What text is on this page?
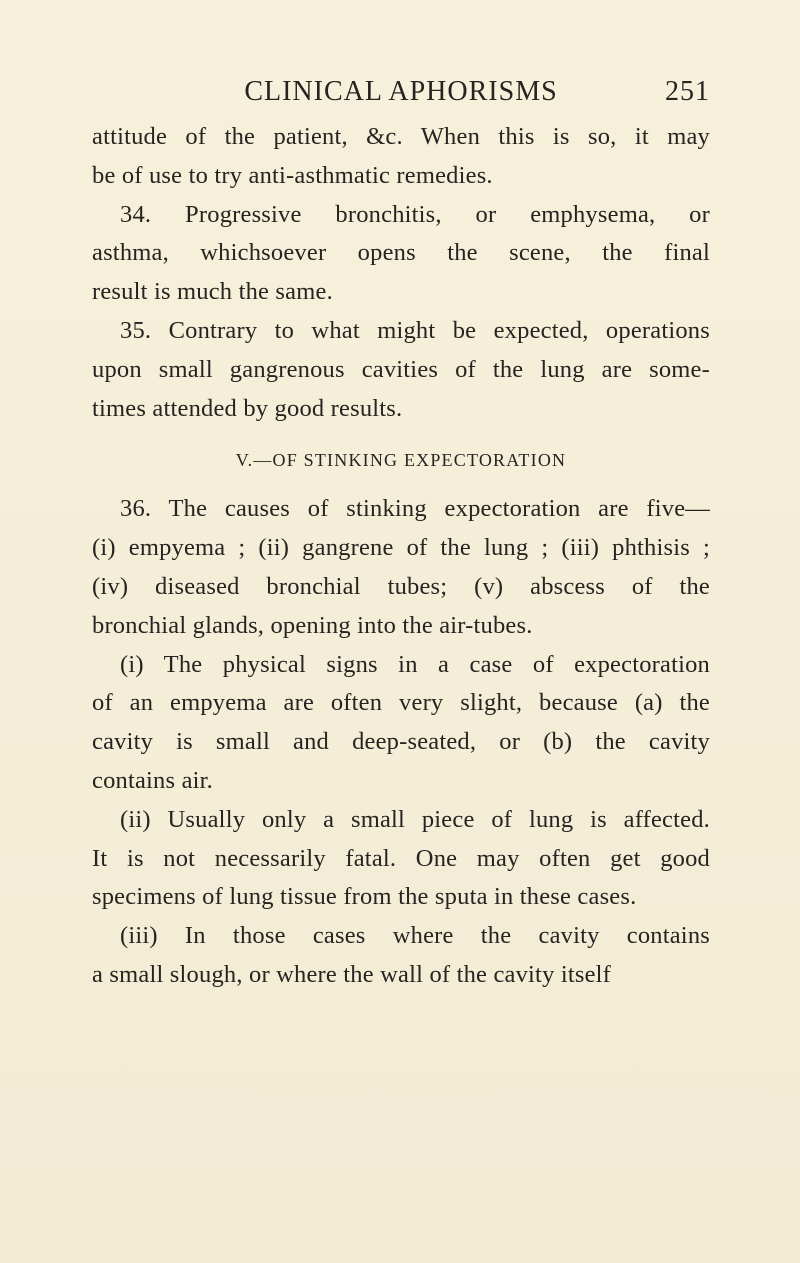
CLINICAL APHORISMS	251

attitude of the patient, &c. When this is so, it may
be of use to try anti-asthmatic remedies.

34. Progressive bronchitis, or emphysema, or
asthma, whichsoever opens the scene, the final
result is much the same.

35. Contrary to what might be expected, operations
upon small gangrenous cavities of the lung are some-
times attended by good results.

V.—OF STINKING EXPECTORATION

36. The causes of stinking expectoration are five—
(i) empyema ; (ii) gangrene of the lung ; (iii) phthisis ;
(iv) diseased bronchial tubes; (v) abscess of the
bronchial glands, opening into the air-tubes.

(i) The physical signs in a case of expectoration
of an empyema are often very slight, because (a) the
cavity is small and deep-seated, or (b) the cavity
contains air.

(ii) Usually only a small piece of lung is affected.
It is not necessarily fatal. One may often get good
specimens of lung tissue from the sputa in these cases.

(iii) In those cases where the cavity contains
a small slough, or where the wall of the cavity itself
